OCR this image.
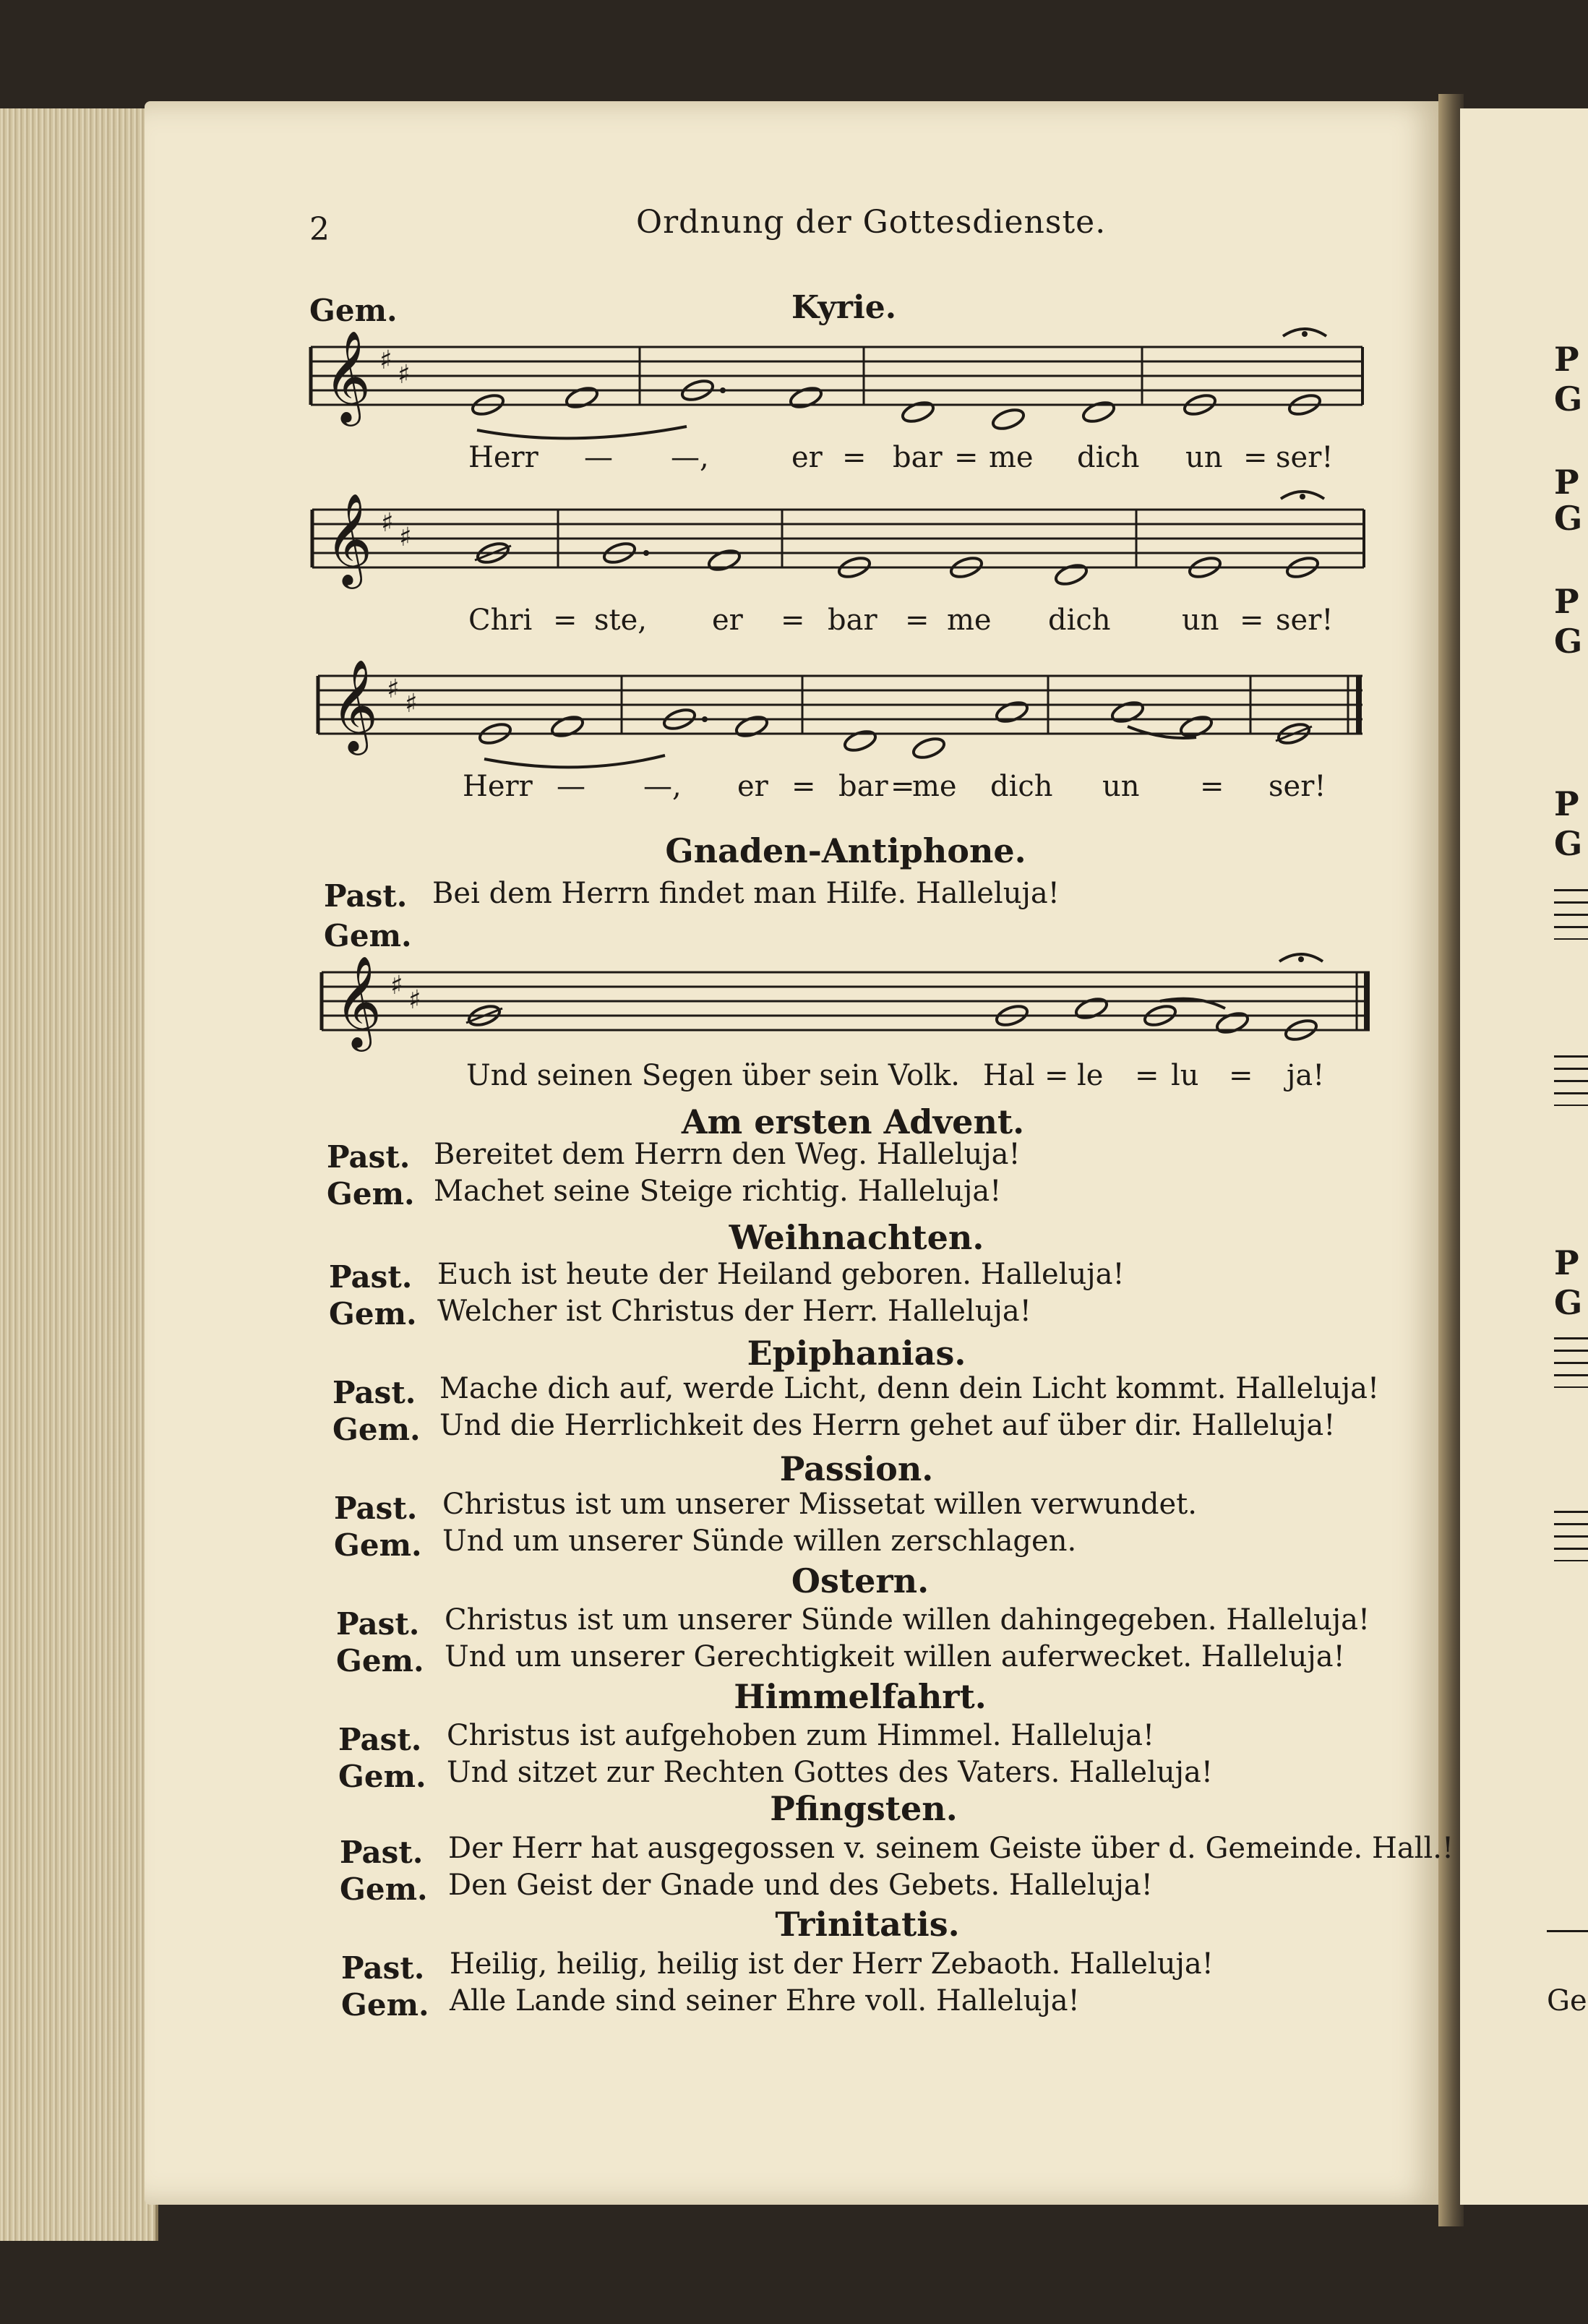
P
G
P
G
P
G
P
G
P
G
Ge
2	Ordnung der Gottesdienste.
Gem.	Kyrie.
𝄞 ♯ ♯
Herr — —,	er = bar = me dich un = ser!
𝄞 ♯ ♯
Chri = ste, er = bar = me dich un = ser!
𝄞 ♯ ♯
Herr — —, er = bar =
me dich un = ser!
Gnaden-Antiphone.
Past. Bei dem Herrn findet man Hilfe. Halleluja!
Gem.
𝄞 ♯ ♯
Und seinen Segen über sein Volk. Hal = le = lu = ja!
Am ersten Advent.
Past. Bereitet dem Herrn den Weg. Halleluja!
Gem. Machet seine Steige richtig. Halleluja!
Weihnachten.
Past. Euch ist heute der Heiland geboren. Halleluja!
Gem. Welcher ist Christus der Herr. Halleluja!
Epiphanias.
Past. Mache dich auf, werde Licht, denn dein Licht kommt. Halleluja!
Gem. Und die Herrlichkeit des Herrn gehet auf über dir. Halleluja!
Passion.
Past. Christus ist um unserer Missetat willen verwundet.
Gem. Und um unserer Sünde willen zerschlagen.
Ostern.
Past. Christus ist um unserer Sünde willen dahingegeben. Halleluja!
Gem. Und um unserer Gerechtigkeit willen auferwecket. Halleluja!
Himmelfahrt.
Past. Christus ist aufgehoben zum Himmel. Halleluja!
Gem. Und sitzet zur Rechten Gottes des Vaters. Halleluja!
Pfingsten.
Past. Der Herr hat ausgegossen v. seinem Geiste über d. Gemeinde. Hall.!
Gem. Den Geist der Gnade und des Gebets. Halleluja!
Trinitatis.
Past. Heilig, heilig, heilig ist der Herr Zebaoth. Halleluja!
Gem. Alle Lande sind seiner Ehre voll. Halleluja!
